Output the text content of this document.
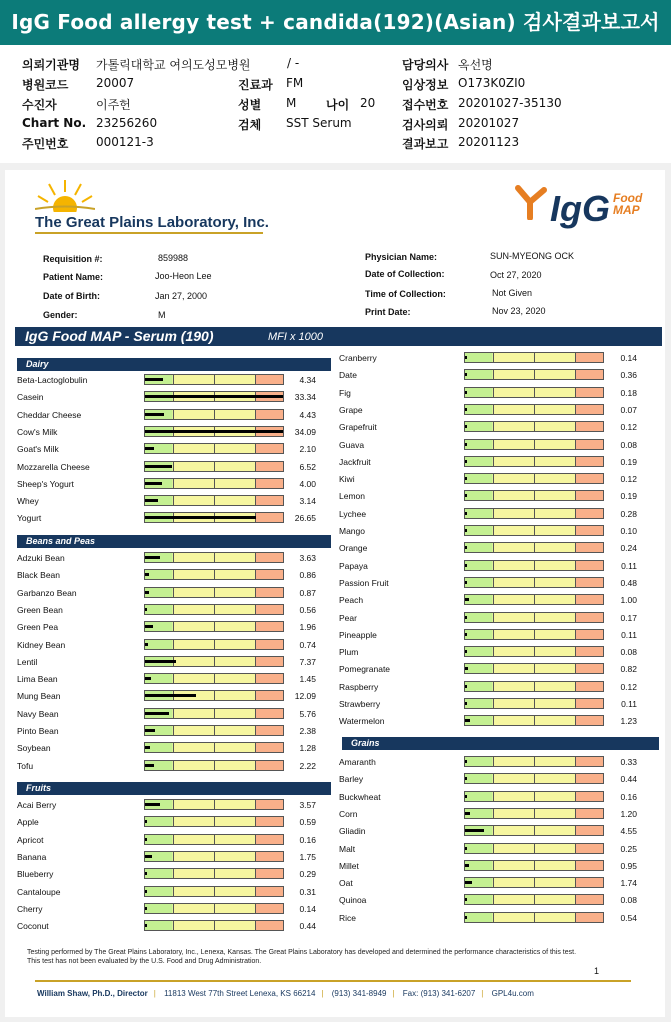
IgG Food allergy test + candida(192)(Asian) 검사결과보고서
의뢰기관명 가톨릭대학교 여의도성모병원	/ -	담당의사 옥선명
병원코드 20007	진료과 FM	임상정보 O173K0ZI0
수진자	이주헌	성별 M 나이 20 접수번호 20201027-35130
Chart No. 23256260	검체 SST Serum	검사의뢰 20201027
주민번호 000121-3	결과보고 20201123
The Great Plains Laboratory, Inc.	IgG Food
MAP
Requisition #:	859988
Patient Name:	Joo-Heon Lee
Date of Birth:	Jan 27, 2000
Gender:	M
Physician Name:	SUN-MYEONG OCK
Date of Collection:	Oct 27, 2020
Time of Collection:	Not Given
Print Date:	Nov 23, 2020
IgG Food MAP - Serum (190)	MFI x 1000
Dairy
Beta-Lactoglobulin	4.34
Casein	33.34
Cheddar Cheese	4.43
Cow's Milk	34.09
Goat's Milk	2.10
Mozzarella Cheese	6.52
Sheep's Yogurt	4.00
Whey	3.14
Yogurt	26.65
Beans and Peas
Adzuki Bean	3.63
Black Bean	0.86
Garbanzo Bean	0.87
Green Bean	0.56
Green Pea	1.96
Kidney Bean	0.74
Lentil	7.37
Lima Bean	1.45
Mung Bean	12.09
Navy Bean	5.76
Pinto Bean	2.38
Soybean	1.28
Tofu	2.22
Fruits
Acai Berry	3.57
Apple	0.59
Apricot	0.16
Banana	1.75
Blueberry	0.29
Cantaloupe	0.31
Cherry	0.14
Coconut	0.44
Cranberry	0.14
Date	0.36
Fig	0.18
Grape	0.07
Grapefruit	0.12
Guava	0.08
Jackfruit	0.19
Kiwi	0.12
Lemon	0.19
Lychee	0.28
Mango	0.10
Orange	0.24
Papaya	0.11
Passion Fruit	0.48
Peach	1.00
Pear	0.17
Pineapple	0.11
Plum	0.08
Pomegranate	0.82
Raspberry	0.12
Strawberry	0.11
Watermelon	1.23
Grains
Amaranth	0.33
Barley	0.44
Buckwheat	0.16
Corn	1.20
Gliadin	4.55
Malt	0.25
Millet	0.95
Oat	1.74
Quinoa	0.08
Rice	0.54
Testing performed by The Great Plains Laboratory, Inc., Lenexa, Kansas. The Great Plains Laboratory has developed and determined the performance characteristics of this test. This test has not been evaluated by the U.S. Food and Drug Administration.
1
William Shaw, Ph.D., Director | 11813 West 77th Street Lenexa, KS 66214 | (913) 341-8949 | Fax: (913) 341-6207 | GPL4u.com
